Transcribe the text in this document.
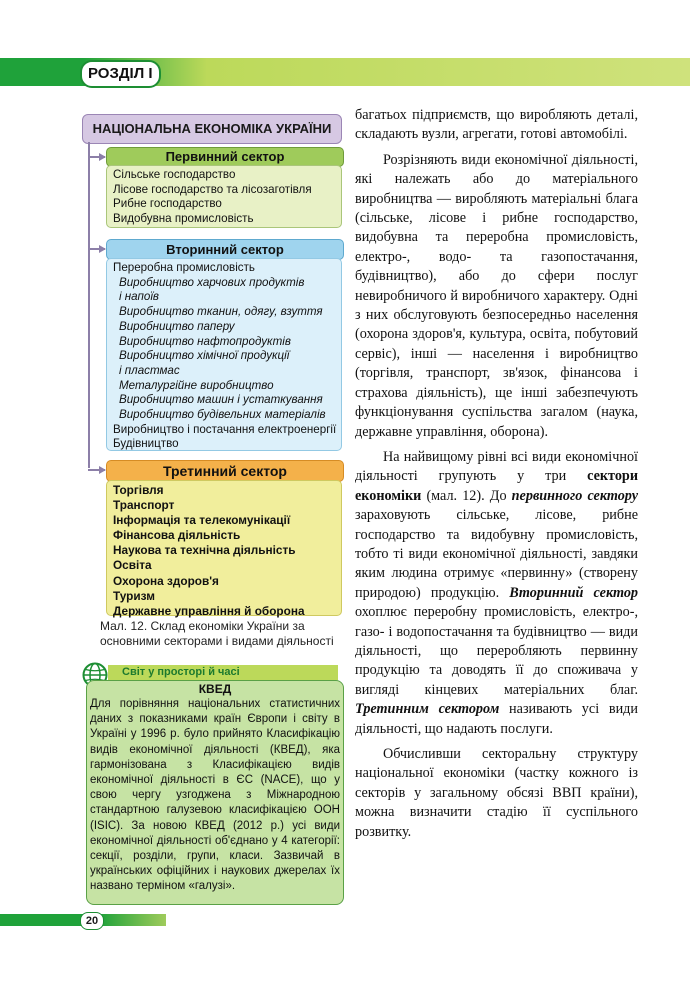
РОЗДІЛ І
НАЦІОНАЛЬНА ЕКОНОМІКА УКРАЇНИ
Первинний сектор
Сільське господарство
Лісове господарство та лісозаготівля
Рибне господарство
Видобувна промисловість
Вторинний сектор
Переробна промисловість
Виробництво харчових продуктів
і напоїв
Виробництво тканин, одягу, взуття
Виробництво паперу
Виробництво нафтопродуктів
Виробництво хімічної продукції
і пластмас
Металургійне виробництво
Виробництво машин і устаткування
Виробництво будівельних матеріалів
Виробництво і постачання електроенергії
Будівництво
Третинний сектор
Торгівля
Транспорт
Інформація та телекомунікації
Фінансова діяльність
Наукова та технічна діяльність
Освіта
Охорона здоров'я
Туризм
Державне управління й оборона
Мал. 12. Склад економіки України за
основними секторами і видами діяльності
Світ у просторі й часі
КВЕД
Для порівняння національних статистичних даних з показниками країн Європи і світу в Україні у 1996 р. було прийнято Класифікацію видів економічної діяльності (КВЕД), яка гармонізована з Класифікацією видів економічної діяльності в ЄС (NACE), що у свою чергу узгоджена з Міжнародною стандартною галузевою класифікацією ООН (ISIC). За новою КВЕД (2012 р.) усі види економічної діяльності об'єднано у 4 категорії: секції, розділи, групи, класи. Зазвичай в українських офіційних і наукових джерелах їх названо терміном «галузі».

багатьох підприємств, що виробляють деталі, складають вузли, агрегати, готові автомобілі.

Розрізняють види економічної діяльності, які належать або до матеріального виробництва — виробляють матеріальні блага (сільське, лісове і рибне господарство, видобувна та переробна промисловість, електро-, водо- та газопостачання, будівництво), або до сфери послуг невиробничого й виробничого характеру. Одні з них обслуговують безпосередньо населення (охорона здоров'я, культура, освіта, побутовий сервіс), інші — населення і виробництво (торгівля, транспорт, зв'язок, фінансова і страхова діяльність), ще інші забезпечують функціонування суспільства загалом (наука, державне управління, оборона).

На найвищому рівні всі види економічної діяльності групують у три сектори економіки (мал. 12). До первинного сектору зараховують сільське, лісове, рибне господарство та видобувну промисловість, тобто ті види економічної діяльності, завдяки яким людина отримує «первинну» (створену природою) продукцію. Вторинний сектор охоплює переробну промисловість, електро-, газо- і водопостачання та будівництво — види діяльності, що переробляють первинну продукцію та доводять її до споживача у вигляді кінцевих матеріальних благ. Третинним сектором називають усі види діяльності, що надають послуги.

Обчисливши секторальну структуру національної економіки (частку кожного із секторів у загальному обсязі ВВП країни), можна визначити стадію її суспільного розвитку.

20
